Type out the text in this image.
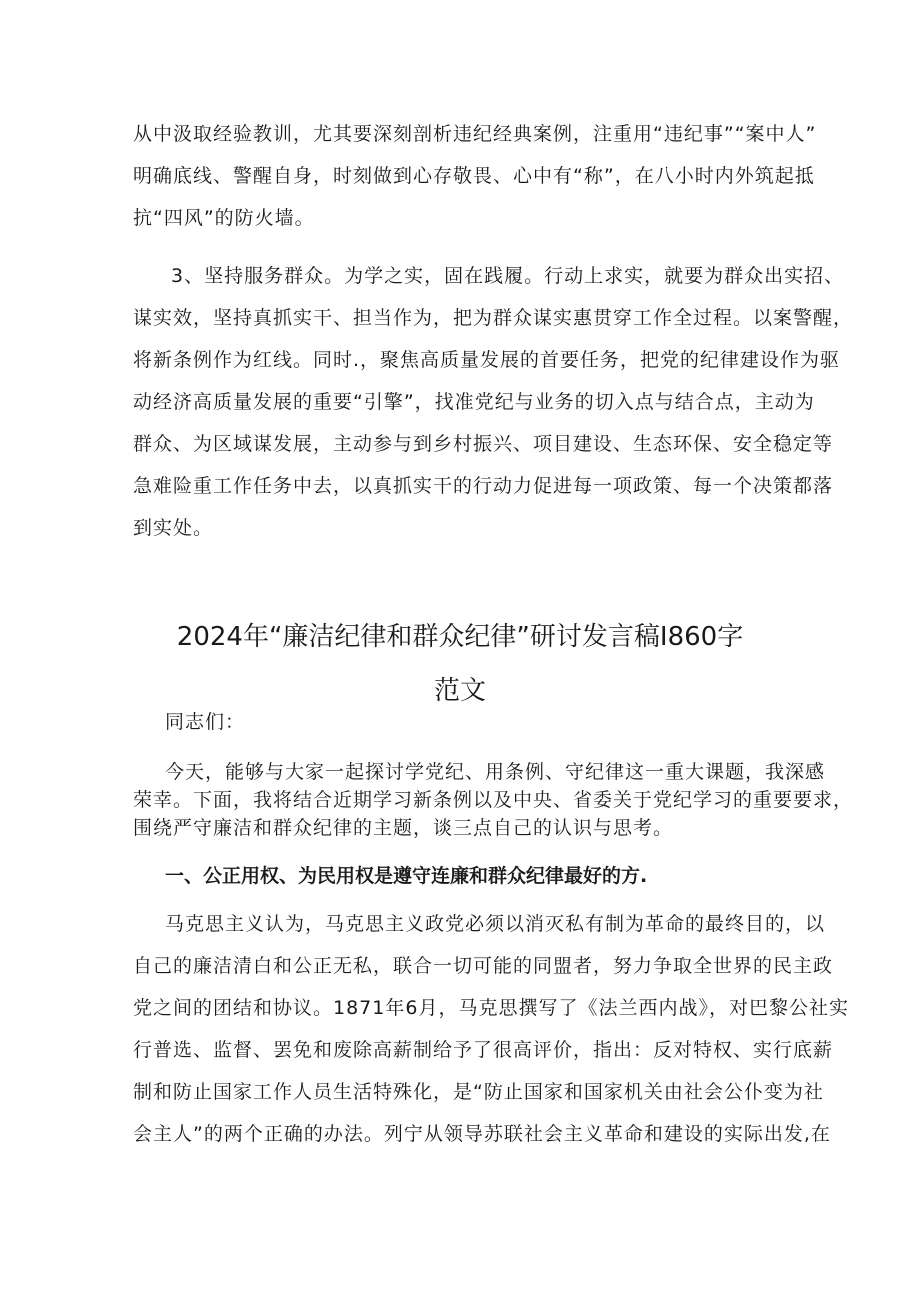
从中汲取经验教训，尤其要深刻剖析违纪经典案例，注重用“违纪事”“案中人”
明确底线、警醒自身，时刻做到心存敬畏、心中有“称”，在八小时内外筑起抵
抗“四风”的防火墙。
3、坚持服务群众。为学之实，固在践履。行动上求实，就要为群众出实招、
谋实效，坚持真抓实干、担当作为，把为群众谋实惠贯穿工作全过程。以案警醒，
将新条例作为红线。同时.，聚焦高质量发展的首要任务，把党的纪律建设作为驱
动经济高质量发展的重要“引擎”，找准党纪与业务的切入点与结合点，主动为
群众、为区域谋发展，主动参与到乡村振兴、项目建设、生态环保、安全稳定等
急难险重工作任务中去，以真抓实干的行动力促进每一项政策、每一个决策都落
到实处。
2024年“廉洁纪律和群众纪律”研讨发言稿I860字
范文
同志们：
今天，能够与大家一起探讨学党纪、用条例、守纪律这一重大课题，我深感
荣幸。下面，我将结合近期学习新条例以及中央、省委关于党纪学习的重要要求，
围绕严守廉洁和群众纪律的主题，谈三点自己的认识与思考。
一、公正用权、为民用权是遵守连廉和群众纪律最好的方.
马克思主义认为，马克思主义政党必须以消灭私有制为革命的最终目的，以
自己的廉洁清白和公正无私，联合一切可能的同盟者，努力争取全世界的民主政
党之间的团结和协议。1871年6月，马克思撰写了《法兰西内战》，对巴黎公社实
行普选、监督、罢免和废除高薪制给予了很高评价，指出：反对特权、实行底薪
制和防止国家工作人员生活特殊化，是“防止国家和国家机关由社会公仆变为社
会主人”的两个正确的办法。列宁从领导苏联社会主义革命和建设的实际出发,在
